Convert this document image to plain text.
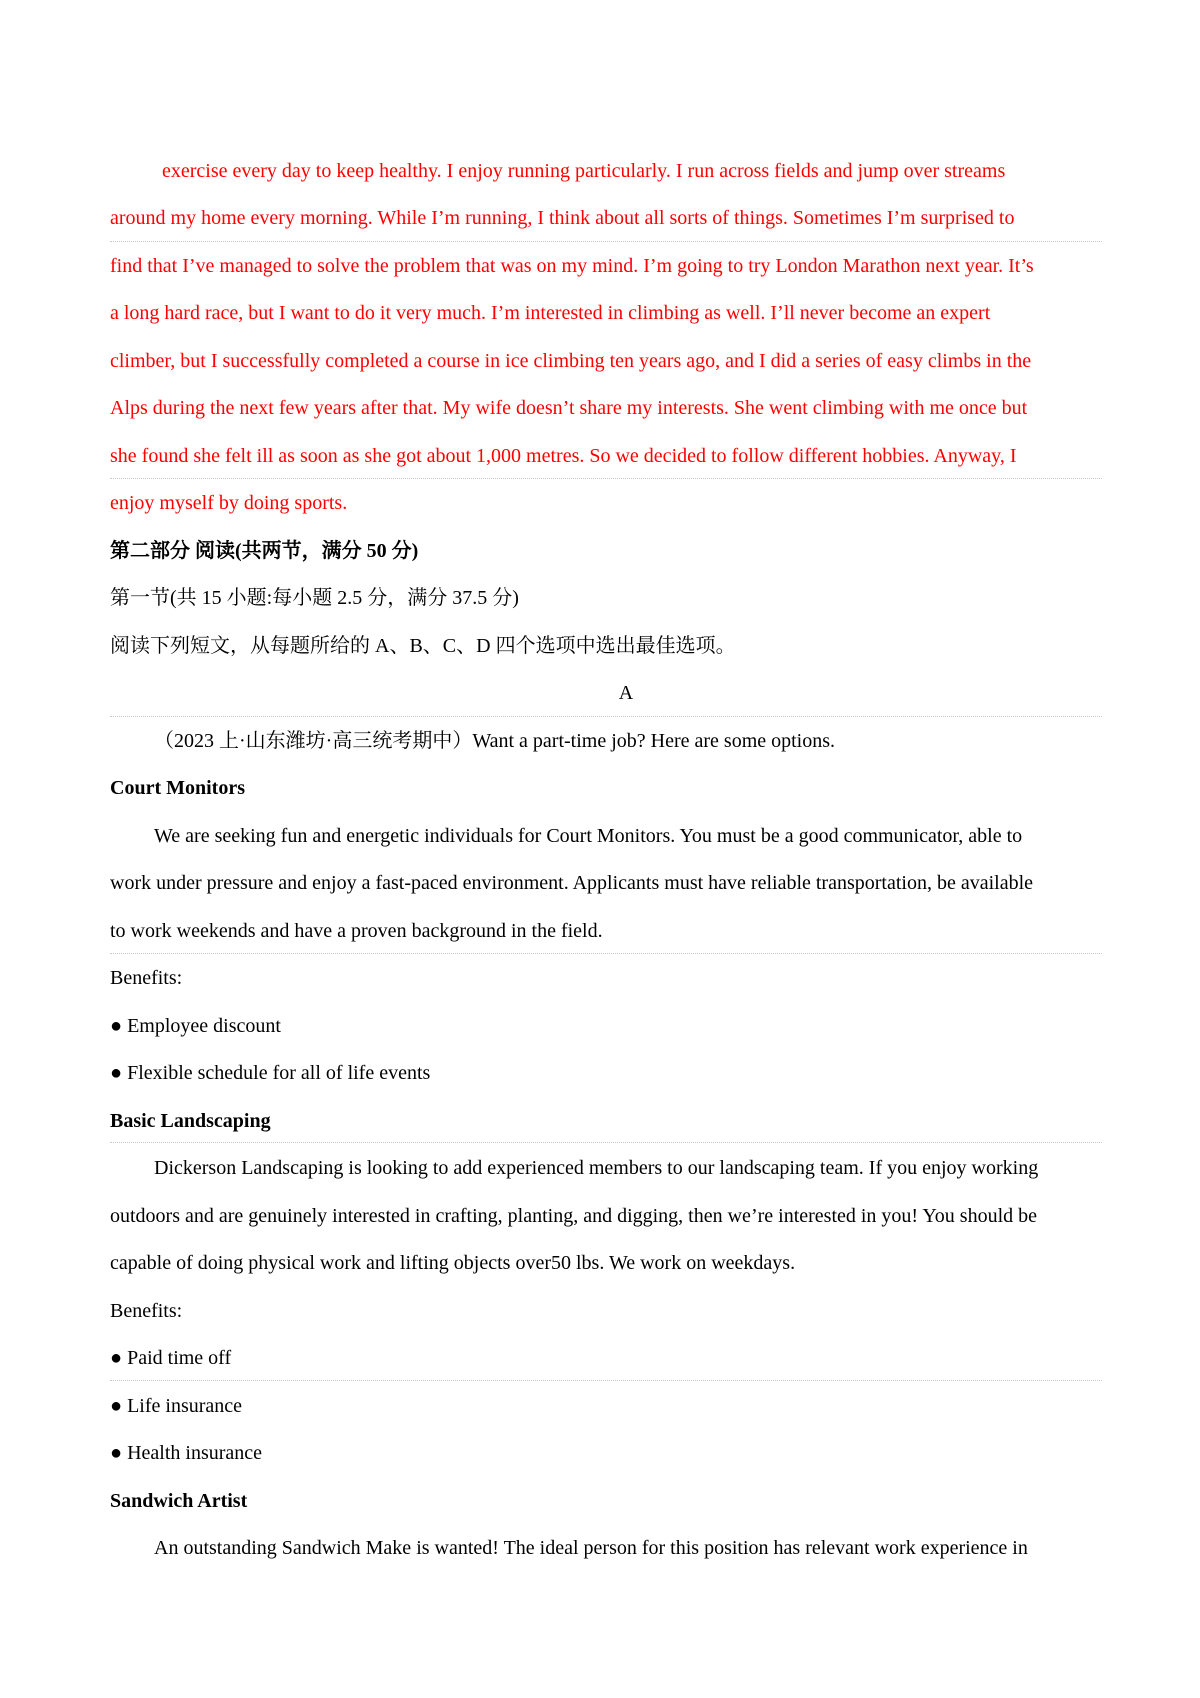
exercise every day to keep healthy. I enjoy running particularly. I run across fields and jump over streams
around my home every morning. While I’m running, I think about all sorts of things. Sometimes I’m surprised to
find that I’ve managed to solve the problem that was on my mind. I’m going to try London Marathon next year. It’s
a long hard race, but I want to do it very much. I’m interested in climbing as well. I’ll never become an expert
climber, but I successfully completed a course in ice climbing ten years ago, and I did a series of easy climbs in the
Alps during the next few years after that. My wife doesn’t share my interests. She went climbing with me once but
she found she felt ill as soon as she got about 1,000 metres. So we decided to follow different hobbies. Anyway, I
enjoy myself by doing sports.
第二部分 阅读(共两节，满分 50 分)
第一节(共 15 小题:每小题 2.5 分，满分 37.5 分)
阅读下列短文，从每题所给的 A、B、C、D 四个选项中选出最佳选项。
A
（2023 上·山东潍坊·高三统考期中）Want a part-time job? Here are some options.
Court Monitors
We are seeking fun and energetic individuals for Court Monitors. You must be a good communicator, able to
work under pressure and enjoy a fast-paced environment. Applicants must have reliable transportation, be available
to work weekends and have a proven background in the field.
Benefits:
● Employee discount
● Flexible schedule for all of life events
Basic Landscaping
Dickerson Landscaping is looking to add experienced members to our landscaping team. If you enjoy working
outdoors and are genuinely interested in crafting, planting, and digging, then we’re interested in you! You should be
capable of doing physical work and lifting objects over50 lbs. We work on weekdays.
Benefits:
● Paid time off
● Life insurance
● Health insurance
Sandwich Artist
An outstanding Sandwich Make is wanted! The ideal person for this position has relevant work experience in
